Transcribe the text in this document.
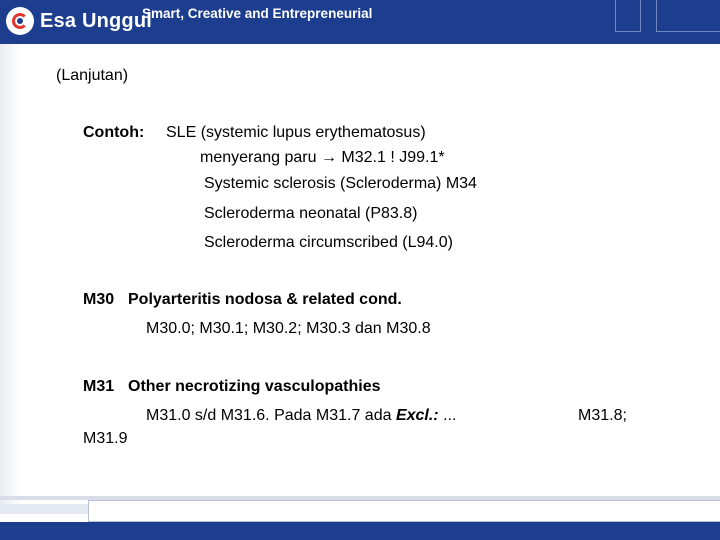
Esa Unggul
Smart, Creative and Entrepreneurial
(Lanjutan)
Contoh: SLE (systemic lupus erythematosus)
menyerang paru → M32.1 ! J99.1*
Systemic sclerosis (Scleroderma) M34
Scleroderma neonatal (P83.8)
Scleroderma circumscribed (L94.0)
M30 Polyarteritis nodosa & related cond.
M30.0; M30.1; M30.2; M30.3 dan M30.8
M31 Other necrotizing vasculopathies
M31.0 s/d M31.6. Pada M31.7 ada Excl.: ...	M31.8;
M31.9
